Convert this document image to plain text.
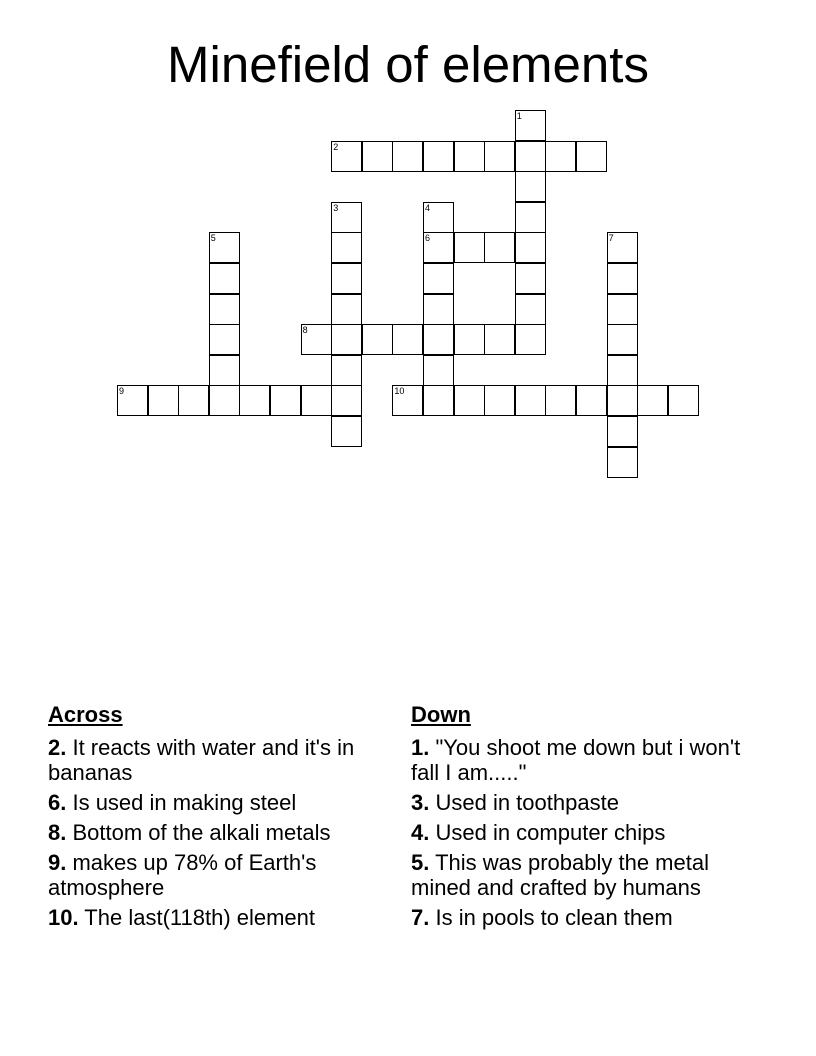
Minefield of elements
1
2
3	4
5	6	7
8
9	10
Across
2. It reacts with water and it's in bananas
6. Is used in making steel
8. Bottom of the alkali metals
9. makes up 78% of Earth's atmosphere
10. The last(118th) element
Down
1. "You shoot me down but i won't fall I am....."
3. Used in toothpaste
4. Used in computer chips
5. This was probably the metal mined and crafted by humans
7. Is in pools to clean them
